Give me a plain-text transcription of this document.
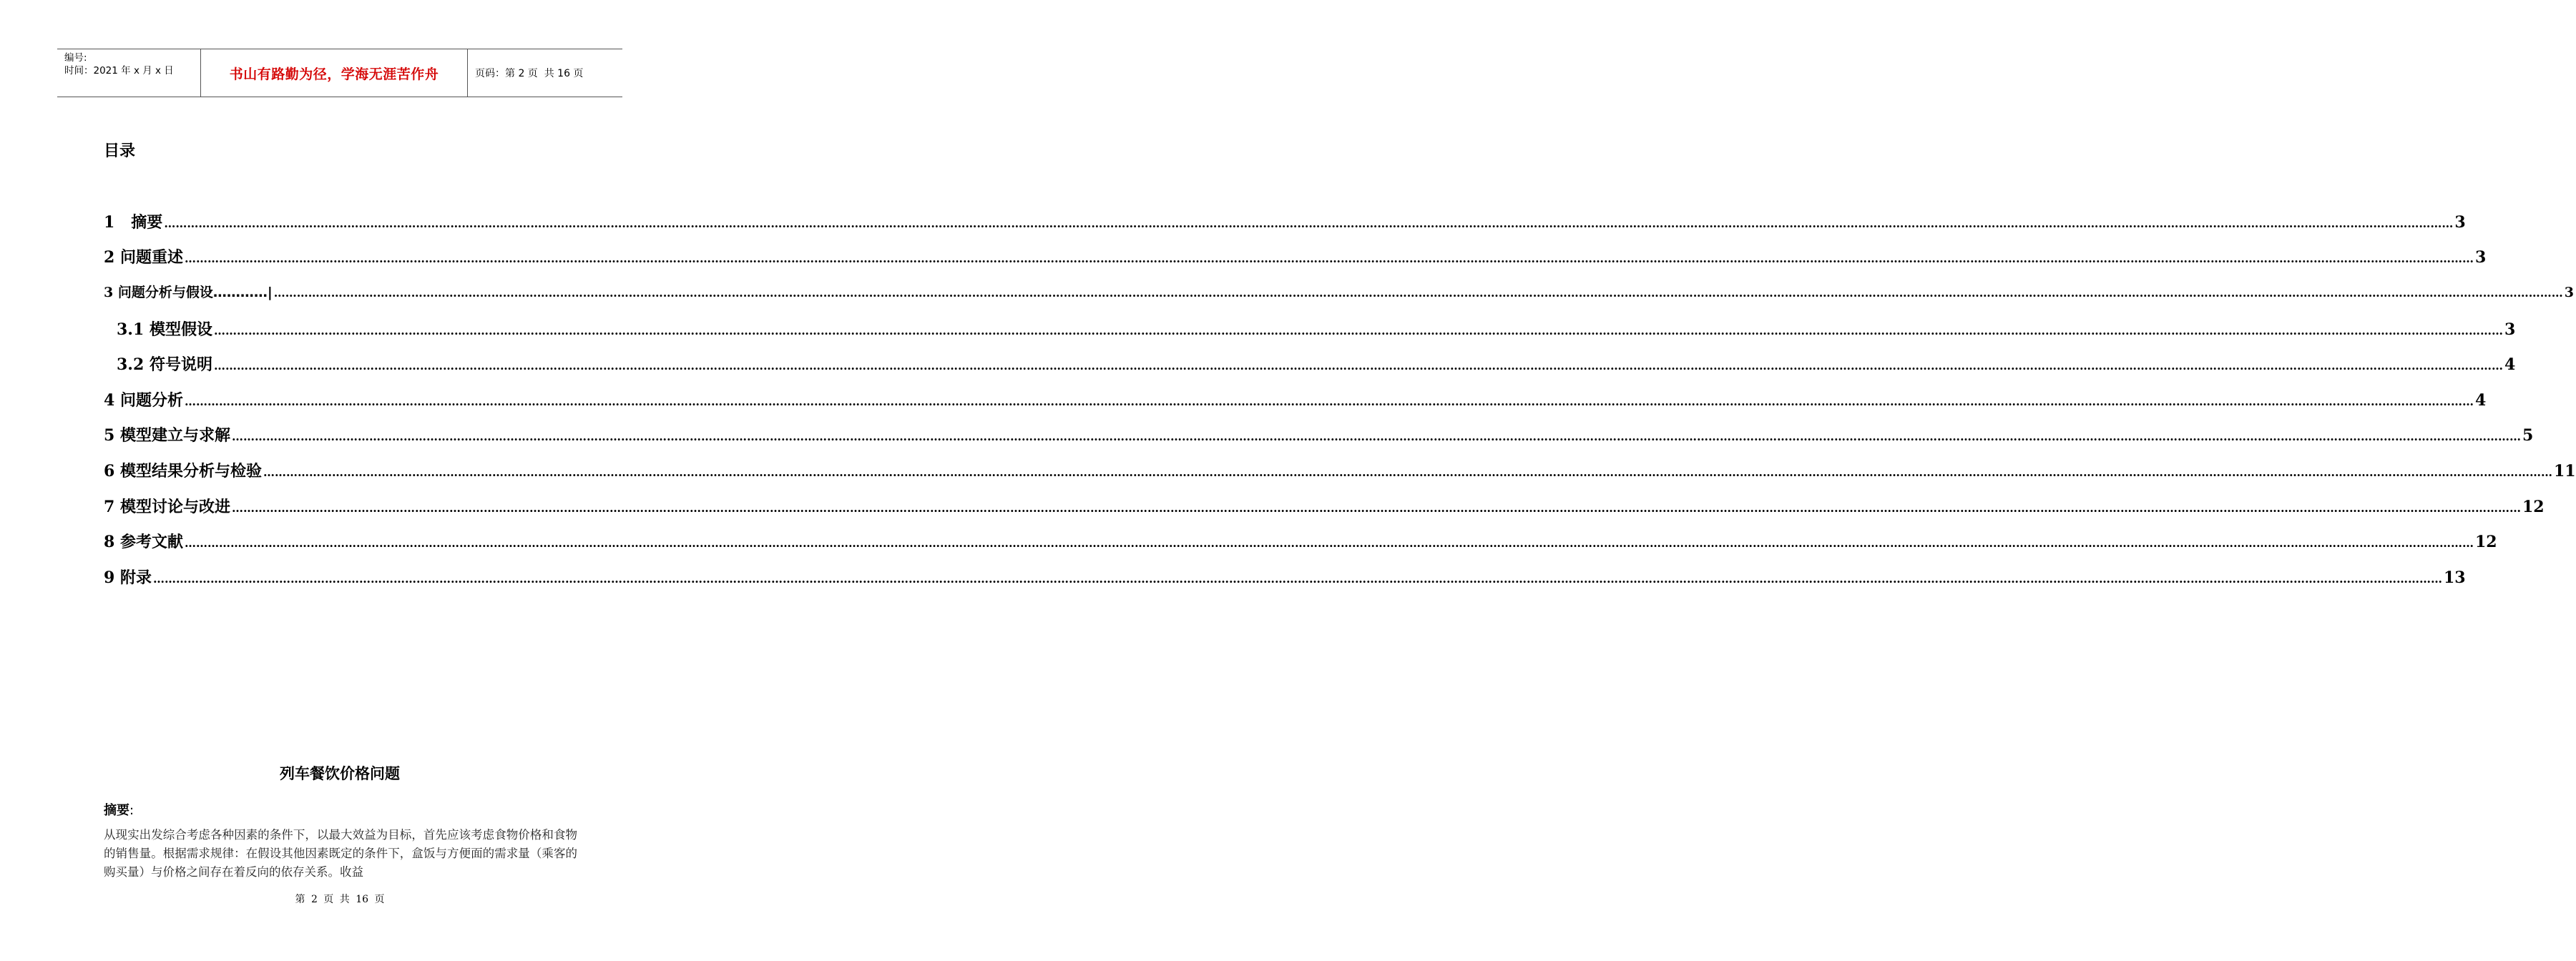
编号:
时间：2021 年 x 月 x 日	书山有路勤为径，学海无涯苦作舟	页码：第 2 页  共 16 页
目录
1 摘要 …………………………………………………………………………………………………………………………………………………………………………………………………………………………………………………………………………………………………………………………………………………………………………………………………………………………………………………………………………………………………………………………………………………… 3
2 问题重述 …………………………………………………………………………………………………………………………………………………………………………………………………………………………………………………………………………………………………………………………………………………………………………………………………………………………………………………………………………………………………………………………………………………… 3
3 问题分析与假设…………| …………………………………………………………………………………………………………………………………………………………………………………………………………………………………………………………………………………………………………………………………………………………………………………………………………………………………………………………………………………………………………………………………………………… 3
3.1 模型假设 …………………………………………………………………………………………………………………………………………………………………………………………………………………………………………………………………………………………………………………………………………………………………………………………………………………………………………………………………………………………………………………………………………………… 3
3.2 符号说明 …………………………………………………………………………………………………………………………………………………………………………………………………………………………………………………………………………………………………………………………………………………………………………………………………………………………………………………………………………………………………………………………………………………… 4
4 问题分析 …………………………………………………………………………………………………………………………………………………………………………………………………………………………………………………………………………………………………………………………………………………………………………………………………………………………………………………………………………………………………………………………………………………… 4
5 模型建立与求解 …………………………………………………………………………………………………………………………………………………………………………………………………………………………………………………………………………………………………………………………………………………………………………………………………………………………………………………………………………………………………………………………………………………… 5
6 模型结果分析与检验 …………………………………………………………………………………………………………………………………………………………………………………………………………………………………………………………………………………………………………………………………………………………………………………………………………………………………………………………………………………………………………………………………………………… 11
7 模型讨论与改进 …………………………………………………………………………………………………………………………………………………………………………………………………………………………………………………………………………………………………………………………………………………………………………………………………………………………………………………………………………………………………………………………………………………… 12
8 参考文献 …………………………………………………………………………………………………………………………………………………………………………………………………………………………………………………………………………………………………………………………………………………………………………………………………………………………………………………………………………………………………………………………………………………… 12
9 附录 …………………………………………………………………………………………………………………………………………………………………………………………………………………………………………………………………………………………………………………………………………………………………………………………………………………………………………………………………………………………………………………………………………………… 13
列车餐饮价格问题
摘要:
从现实出发综合考虑各种因素的条件下，以最大效益为目标，首先应该考虑食物价格和食物的销售量。根据需求规律：在假设其他因素既定的条件下，盒饭与方便面的需求量（乘客的购买量）与价格之间存在着反向的依存关系。收益
第 2 页 共 16 页
